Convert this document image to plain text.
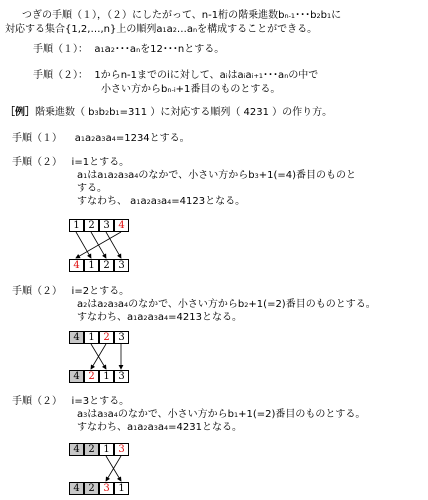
つぎの手順（１），（２）にしたがって、n-1桁の階乗進数bn-1･･･b2b1に
対応する集合{1,2,…,n}上の順列a1a2…anを構成することができる。
手順（１）： a1a2･･･anを12･･･nとする。
手順（２）： 1からn-1までのiに対して、aiはaiai+1･･･anの中で
小さい方からbn-i+1番目のものとする。
［例］階乗進数（ b3b2b1=311 ）に対応する順列（ 4231 ）の作り方。
手順（１） a1a2a3a4=1234とする。
手順（２） i=1とする。
a1はa1a2a3a4のなかで、小さい方からb3+1(=4)番目のものと
する。
すなわち、 a1a2a3a4=4123となる。
1 2 3 4
4 1 2 3
手順（２） i=2とする。
a2はa2a3a4のなかで、小さい方からb2+1(=2)番目のものとする。
すなわち、a1a2a3a4=4213となる。
4 1 2 3
4 2 1 3
手順（２） i=3とする。
a3はa3a4のなかで、小さい方からb1+1(=2)番目のものとする。
すなわち、a1a2a3a4=4231となる。
4 2 1 3
4 2 3 1
